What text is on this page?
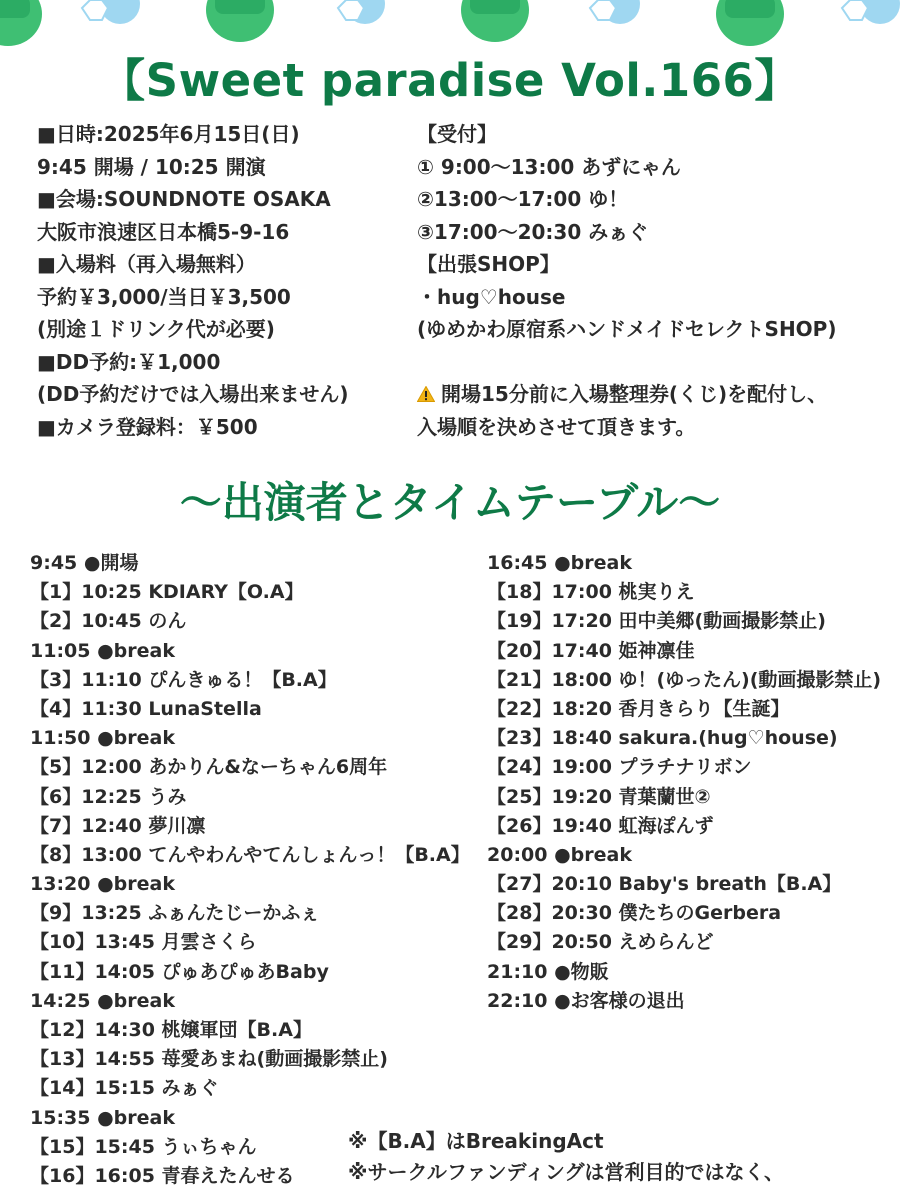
【Sweet paradise Vol.166】
■日時:2025年6月15日(日)
9:45 開場 / 10:25 開演
■会場:SOUNDNOTE OSAKA
大阪市浪速区日本橋5-9-16
■入場料（再入場無料）
予約￥3,000/当日￥3,500
(別途１ドリンク代が必要)
■DD予約:￥1,000
(DD予約だけでは入場出来ません)
■カメラ登録料：￥500
【受付】
① 9:00〜13:00 あずにゃん
②13:00〜17:00 ゆ！
③17:00〜20:30 みぁぐ
【出張SHOP】
・hug♡house
(ゆめかわ原宿系ハンドメイドセレクトSHOP)
開場15分前に入場整理券(くじ)を配付し、
入場順を決めさせて頂きます。
〜出演者とタイムテーブル〜
9:45 ●開場
【1】10:25 KDIARY【O.A】
【2】10:45 のん
11:05 ●break
【3】11:10 ぴんきゅる！【B.A】
【4】11:30 LunaStella
11:50 ●break
【5】12:00 あかりん&なーちゃん6周年
【6】12:25 うみ
【7】12:40 夢川凛
【8】13:00 てんやわんやてんしょんっ！【B.A】
13:20 ●break
【9】13:25 ふぁんたじーかふぇ
【10】13:45 月雲さくら
【11】14:05 ぴゅあぴゅあBaby
14:25 ●break
【12】14:30 桃嬢軍団【B.A】
【13】14:55 苺愛あまね(動画撮影禁止)
【14】15:15 みぁぐ
15:35 ●break
【15】15:45 うぃちゃん
【16】16:05 青春えたんせる
16:45 ●break
【18】17:00 桃実りえ
【19】17:20 田中美郷(動画撮影禁止)
【20】17:40 姫神凛佳
【21】18:00 ゆ！(ゆったん)(動画撮影禁止)
【22】18:20 香月きらり【生誕】
【23】18:40 sakura.(hug♡house)
【24】19:00 プラチナリボン
【25】19:20 青葉蘭世②
【26】19:40 虹海ぽんず
20:00 ●break
【27】20:10 Baby's breath【B.A】
【28】20:30 僕たちのGerbera
【29】20:50 えめらんど
21:10 ●物販
22:10 ●お客様の退出
※【B.A】はBreakingAct
※サークルファンディングは営利目的ではなく、
